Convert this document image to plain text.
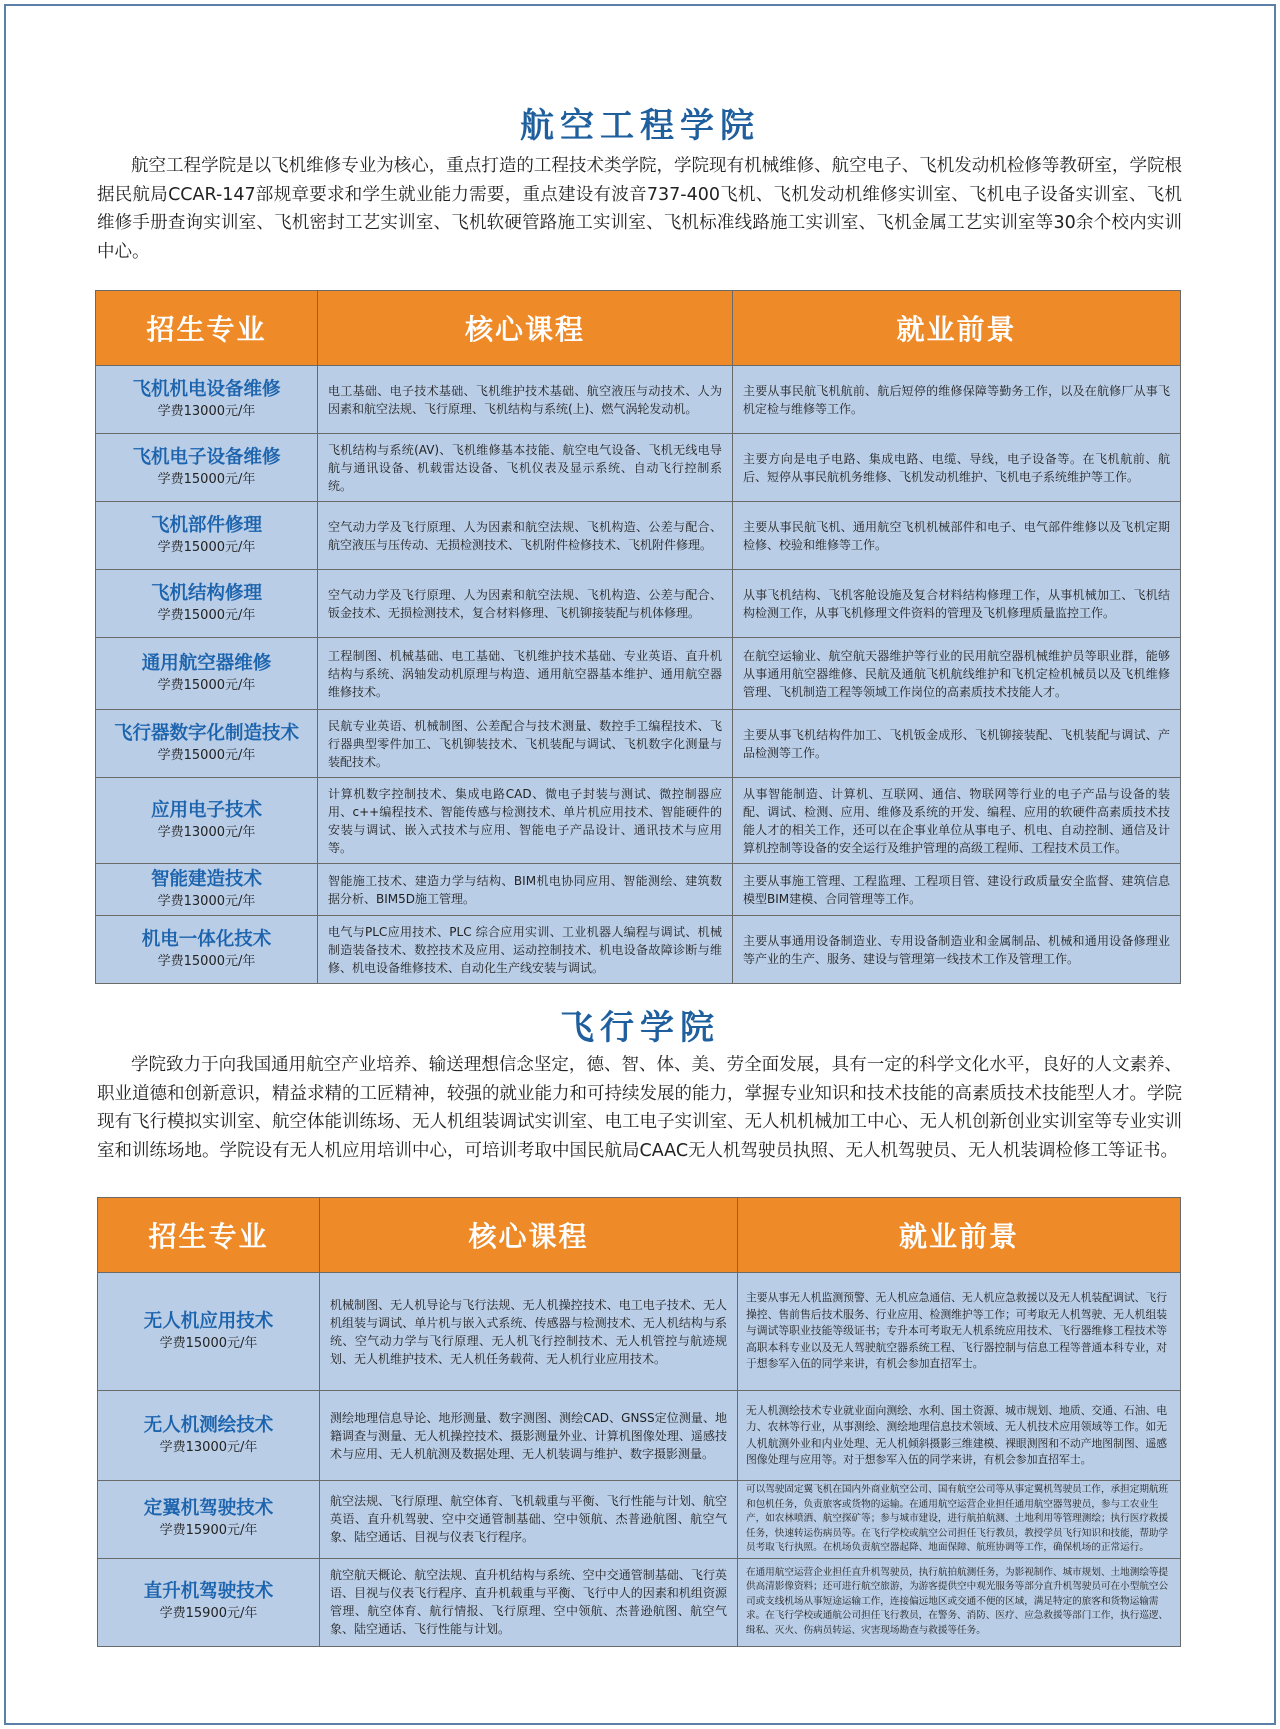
航空工程学院
航空工程学院是以飞机维修专业为核心，重点打造的工程技术类学院，学院现有机械维修、航空电子、飞机发动机检修等教研室，学院根据民航局CCAR-147部规章要求和学生就业能力需要，重点建设有波音737-400飞机、飞机发动机维修实训室、飞机电子设备实训室、飞机维修手册查询实训室、飞机密封工艺实训室、飞机软硬管路施工实训室、飞机标准线路施工实训室、飞机金属工艺实训室等30余个校内实训中心。
招生专业	核心课程	就业前景

飞机机电设备维修
学费13000元/年	电工基础、电子技术基础、飞机维护技术基础、航空液压与动技术、人为因素和航空法规、飞行原理、飞机结构与系统(上)、燃气涡轮发动机。	主要从事民航飞机航前、航后短停的维修保障等勤务工作，以及在航修厂从事飞机定检与维修等工作。

飞机电子设备维修
学费15000元/年	飞机结构与系统(AV)、飞机维修基本技能、航空电气设备、飞机无线电导航与通讯设备、机载雷达设备、飞机仪表及显示系统、自动飞行控制系统。	主要方向是电子电路、集成电路、电缆、导线，电子设备等。在飞机航前、航后、短停从事民航机务维修、飞机发动机维护、飞机电子系统维护等工作。

飞机部件修理
学费15000元/年	空气动力学及飞行原理、人为因素和航空法规、飞机构造、公差与配合、航空液压与压传动、无损检测技术、飞机附件检修技术、飞机附件修理。	主要从事民航飞机、通用航空飞机机械部件和电子、电气部件维修以及飞机定期检修、校验和维修等工作。

飞机结构修理
学费15000元/年	空气动力学及飞行原理、人为因素和航空法规、飞机构造、公差与配合、钣金技术、无损检测技术，复合材料修理、飞机铆接装配与机体修理。	从事飞机结构、飞机客舱设施及复合材料结构修理工作，从事机械加工、飞机结构检测工作，从事飞机修理文件资料的管理及飞机修理质量监控工作。

通用航空器维修
学费15000元/年	工程制图、机械基础、电工基础、飞机维护技术基础、专业英语、直升机结构与系统、涡轴发动机原理与构造、通用航空器基本维护、通用航空器维修技术。	在航空运输业、航空航天器维护等行业的民用航空器机械维护员等职业群，能够从事通用航空器维修、民航及通航飞机航线维护和飞机定检机械员以及飞机维修管理、飞机制造工程等领域工作岗位的高素质技术技能人才。

飞行器数字化制造技术
学费15000元/年	民航专业英语、机械制图、公差配合与技术测量、数控手工编程技术、飞行器典型零件加工、飞机铆装技术、飞机装配与调试、飞机数字化测量与装配技术。	主要从事飞机结构件加工、飞机钣金成形、飞机铆接装配、飞机装配与调试、产品检测等工作。

应用电子技术
学费13000元/年	计算机数字控制技术、集成电路CAD、微电子封装与测试、微控制器应用、c++编程技术、智能传感与检测技术、单片机应用技术、智能硬件的安装与调试、嵌入式技术与应用、智能电子产品设计、通讯技术与应用等。	从事智能制造、计算机、互联网、通信、物联网等行业的电子产品与设备的装配、调试、检测、应用、维修及系统的开发、编程、应用的软硬件高素质技术技能人才的相关工作，还可以在企事业单位从事电子、机电、自动控制、通信及计算机控制等设备的安全运行及维护管理的高级工程师、工程技术员工作。

智能建造技术
学费13000元/年	智能施工技术、建造力学与结构、BIM机电协同应用、智能测绘、建筑数据分析、BIM5D施工管理。	主要从事施工管理、工程监理、工程项目管、建设行政质量安全监督、建筑信息模型BIM建模、合同管理等工作。

机电一体化技术
学费15000元/年	电气与PLC应用技术、PLC 综合应用实训、工业机器人编程与调试、机械制造装备技术、数控技术及应用、运动控制技术、机电设备故障诊断与维修、机电设备维修技术、自动化生产线安装与调试。	主要从事通用设备制造业、专用设备制造业和金属制品、机械和通用设备修理业等产业的生产、服务、建设与管理第一线技术工作及管理工作。
飞行学院
学院致力于向我国通用航空产业培养、输送理想信念坚定，德、智、体、美、劳全面发展，具有一定的科学文化水平，良好的人文素养、职业道德和创新意识，精益求精的工匠精神，较强的就业能力和可持续发展的能力，掌握专业知识和技术技能的高素质技术技能型人才。学院现有飞行模拟实训室、航空体能训练场、无人机组装调试实训室、电工电子实训室、无人机机械加工中心、无人机创新创业实训室等专业实训室和训练场地。学院设有无人机应用培训中心，可培训考取中国民航局CAAC无人机驾驶员执照、无人机驾驶员、无人机装调检修工等证书。
招生专业	核心课程	就业前景

无人机应用技术
学费15000元/年	机械制图、无人机导论与飞行法规、无人机操控技术、电工电子技术、无人机组装与调试、单片机与嵌入式系统、传感器与检测技术、无人机结构与系统、空气动力学与飞行原理、无人机飞行控制技术、无人机管控与航迹规划、无人机维护技术、无人机任务载荷、无人机行业应用技术。	主要从事无人机监测预警、无人机应急通信、无人机应急救援以及无人机装配调试、飞行操控、售前售后技术服务、行业应用、检测维护等工作；可考取无人机驾驶、无人机组装与调试等职业技能等级证书；专升本可考取无人机系统应用技术、飞行器维修工程技术等高职本科专业以及无人驾驶航空器系统工程、飞行器控制与信息工程等普通本科专业，对于想参军入伍的同学来讲，有机会参加直招军士。

无人机测绘技术
学费13000元/年	测绘地理信息导论、地形测量、数字测图、测绘CAD、GNSS定位测量、地籍调查与测量、无人机操控技术、摄影测量外业、计算机图像处理、遥感技术与应用、无人机航测及数据处理、无人机装调与维护、数字摄影测量。	无人机测绘技术专业就业面向测绘、水利、国土资源、城市规划、地质、交通、石油、电力、农林等行业，从事测绘、测绘地理信息技术领域、无人机技术应用领域等工作。如无人机航测外业和内业处理、无人机倾斜摄影三维建模、裸眼测图和不动产地图制图、遥感图像处理与应用等。对于想参军入伍的同学来讲，有机会参加直招军士。

定翼机驾驶技术
学费15900元/年	航空法规、飞行原理、航空体育、飞机载重与平衡、飞行性能与计划、航空英语、直升机驾驶、空中交通管制基础、空中领航、杰普逊航图、航空气象、陆空通话、目视与仪表飞行程序。	可以驾驶固定翼飞机在国内外商业航空公司、国有航空公司等从事定翼机驾驶员工作，承担定期航班和包机任务，负责旅客或货物的运输。在通用航空运营企业担任通用航空器驾驶员，参与工农业生产，如农林喷洒、航空探矿等；参与城市建设，进行航拍航测、土地利用等管理测绘；执行医疗救援任务，快速转运伤病员等。在飞行学校或航空公司担任飞行教员，教授学员飞行知识和技能，帮助学员考取飞行执照。在机场负责航空器起降、地面保障、航班协调等工作，确保机场的正常运行。

直升机驾驶技术
学费15900元/年	航空航天概论、航空法规、直升机结构与系统、空中交通管制基础、飞行英语、目视与仪表飞行程序、直升机载重与平衡、飞行中人的因素和机组资源管理、航空体育、航行情报、飞行原理、空中领航、杰普逊航图、航空气象、陆空通话、飞行性能与计划。	在通用航空运营企业担任直升机驾驶员，执行航拍航测任务，为影视制作、城市规划、土地测绘等提供高清影像资料；还可进行航空旅游，为游客提供空中观光服务等部分直升机驾驶员可在小型航空公司或支线机场从事短途运输工作，连接偏远地区或交通不便的区域，满足特定的旅客和货物运输需求。在飞行学校或通航公司担任飞行教员，在警务、消防、医疗、应急救援等部门工作，执行巡逻、缉私、灭火、伤病员转运、灾害现场勘查与救援等任务。
